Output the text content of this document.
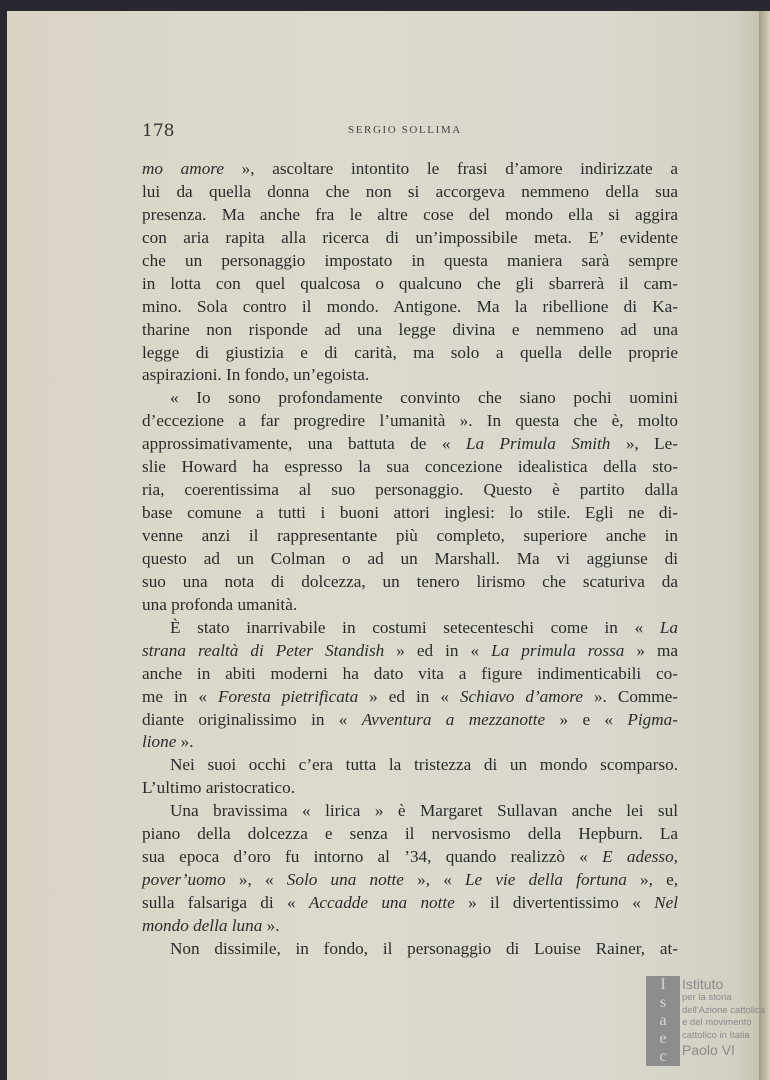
178	SERGIO SOLLIMA
mo amore », ascoltare intontito le frasi d’amore indirizzate a
lui da quella donna che non si accorgeva nemmeno della sua
presenza. Ma anche fra le altre cose del mondo ella si aggira
con aria rapita alla ricerca di un’impossibile meta. E’ evidente
che un personaggio impostato in questa maniera sarà sempre
in lotta con quel qualcosa o qualcuno che gli sbarrerà il cam-
mino. Sola contro il mondo. Antigone. Ma la ribellione di Ka-
tharine non risponde ad una legge divina e nemmeno ad una
legge di giustizia e di carità, ma solo a quella delle proprie
aspirazioni. In fondo, un’egoista.
« Io sono profondamente convinto che siano pochi uomini
d’eccezione a far progredire l’umanità ». In questa che è, molto
approssimativamente, una battuta de « La Primula Smith », Le-
slie Howard ha espresso la sua concezione idealistica della sto-
ria, coerentissima al suo personaggio. Questo è partito dalla
base comune a tutti i buoni attori inglesi: lo stile. Egli ne di-
venne anzi il rappresentante più completo, superiore anche in
questo ad un Colman o ad un Marshall. Ma vi aggiunse di
suo una nota di dolcezza, un tenero lirismo che scaturiva da
una profonda umanità.
È stato inarrivabile in costumi setecenteschi come in « La
strana realtà di Peter Standish » ed in « La primula rossa » ma
anche in abiti moderni ha dato vita a figure indimenticabili co-
me in « Foresta pietrificata » ed in « Schiavo d’amore ». Comme-
diante originalissimo in « Avventura a mezzanotte » e « Pigma-
lione ».
Nei suoi occhi c’era tutta la tristezza di un mondo scomparso.
L’ultimo aristocratico.
Una bravissima « lirica » è Margaret Sullavan anche lei sul
piano della dolcezza e senza il nervosismo della Hepburn. La
sua epoca d’oro fu intorno al ’34, quando realizzò « E adesso,
pover’uomo », « Solo una notte », « Le vie della fortuna », e,
sulla falsariga di « Accadde una notte » il divertentissimo « Nel
mondo della luna ».
Non dissimile, in fondo, il personaggio di Louise Rainer, at-
I
s
a
e
c
Istituto
per la storia
dell'Azione cattolica
e del movimento
cattolico in Italia
Paolo VI
